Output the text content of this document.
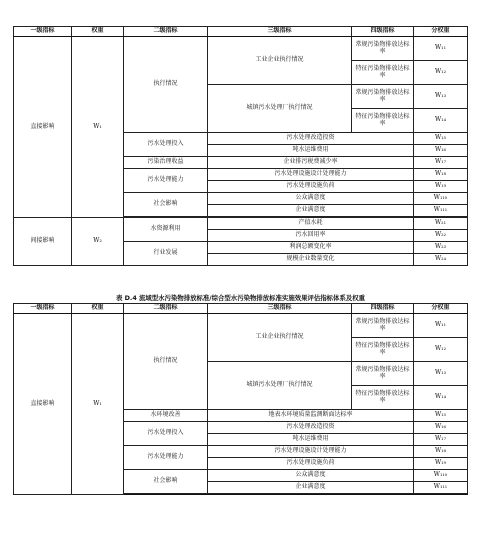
一级指标	权重	二级指标	三级指标	四级指标	分权重
直接影响	W₁	执行情况	工业企业执行情况	常规污染物排放达标率	W₁₁
				特征污染物排放达标率	W₁₂
			城镇污水处理厂执行情况	常规污染物排放达标率	W₁₃
				特征污染物排放达标率	W₁₄
		污水处理投入	污水处理改造投资		W₁₅
			吨水运维费用		W₁₆
		污染治理收益	企业排污税费减少率		W₁₇
		污水处理能力	污水处理设施设计处理能力		W₁₈
			污水处理设施负荷		W₁₉
		社会影响	公众满意度		W₁₁₀
			企业满意度		W₁₁₁

间接影响	W₂	水资源利用	产值水耗		W₂₁
			污水回用率		W₂₂
		行业发展	利润总额变化率		W₂₃
			规模企业数量变化		W₂₄
表 D.4 流域型水污染物排放标准/综合型水污染物排放标准实施效果评估指标体系及权重
一级指标	权重	二级指标	三级指标	四级指标	分权重
直接影响	W₁	执行情况	工业企业执行情况	常规污染物排放达标率	W₁₁
				特征污染物排放达标率	W₁₂
			城镇污水处理厂执行情况	常规污染物排放达标率	W₁₃
				特征污染物排放达标率	W₁₄
		水环境改善	地表水环境质量监测断面达标率		W₁₅
		污水处理投入	污水处理改造投资		W₁₆
			吨水运维费用		W₁₇
		污水处理能力	污水处理设施设计处理能力		W₁₈
			污水处理设施负荷		W₁₉
		社会影响	公众满意度		W₁₁₀
			企业满意度		W₁₁₁
